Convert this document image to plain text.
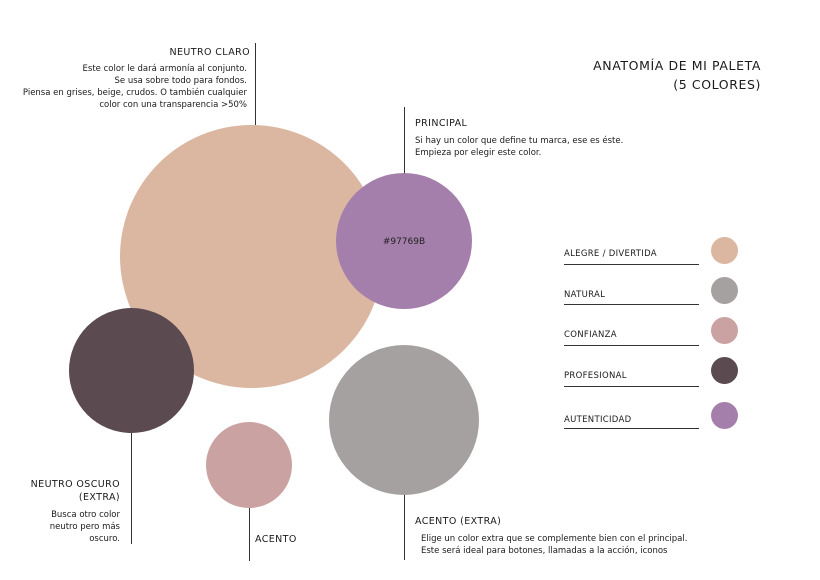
ANATOMÍA DE MI PALETA
(5 COLORES)
#97769B
NEUTRO CLARO
Este color le dará armonía al conjunto.
Se usa sobre todo para fondos.
Piensa en grises, beige, crudos. O también cualquier
color con una transparencia >50%
PRINCIPAL
Si hay un color que define tu marca, ese es éste.
Empieza por elegir este color.
NEUTRO OSCURO
(EXTRA)
Busca otro color
neutro pero más
oscuro.	ACENTO
ACENTO (EXTRA)
Elige un color extra que se complemente bien con el principal.
Este será ideal para botones, llamadas a la acción, iconos
ALEGRE / DIVERTIDA
NATURAL
CONFIANZA
PROFESIONAL
AUTENTICIDAD
